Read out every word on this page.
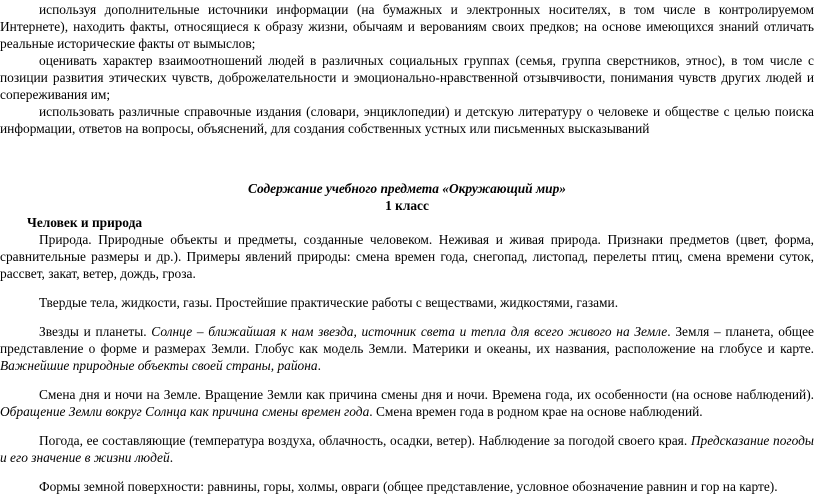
используя дополнительные источники информации (на бумажных и электронных носителях, в том числе в контролируемом Интернете), находить факты, относящиеся к образу жизни, обычаям и верованиям своих предков; на основе имеющихся знаний отличать реальные исторические факты от вымыслов;

оценивать характер взаимоотношений людей в различных социальных группах (семья, группа сверстников, этнос), в том числе с позиции развития этических чувств, доброжелательности и эмоционально-нравственной отзывчивости, понимания чувств других людей и сопереживания им;

использовать различные справочные издания (словари, энциклопедии) и детскую литературу о человеке и обществе с целью поиска информации, ответов на вопросы, объяснений, для создания собственных устных или письменных высказываний

Содержание учебного предмета «Окружающий мир»

1 класс

Человек и природа

Природа. Природные объекты и предметы, созданные человеком. Неживая и живая природа. Признаки предметов (цвет, форма, сравнительные размеры и др.). Примеры явлений природы: смена времен года, снегопад, листопад, перелеты птиц, смена времени суток, рассвет, закат, ветер, дождь, гроза.

Твердые тела, жидкости, газы. Простейшие практические работы с веществами, жидкостями, газами.

Звезды и планеты. Солнце – ближайшая к нам звезда, источник света и тепла для всего живого на Земле. Земля – планета, общее представление о форме и размерах Земли. Глобус как модель Земли. Материки и океаны, их названия, расположение на глобусе и карте. Важнейшие природные объекты своей страны, района.

Смена дня и ночи на Земле. Вращение Земли как причина смены дня и ночи. Времена года, их особенности (на основе наблюдений). Обращение Земли вокруг Солнца как причина смены времен года. Смена времен года в родном крае на основе наблюдений.

Погода, ее составляющие (температура воздуха, облачность, осадки, ветер). Наблюдение за погодой своего края. Предсказание погоды и его значение в жизни людей.

Формы земной поверхности: равнины, горы, холмы, овраги (общее представление, условное обозначение равнин и гор на карте).
